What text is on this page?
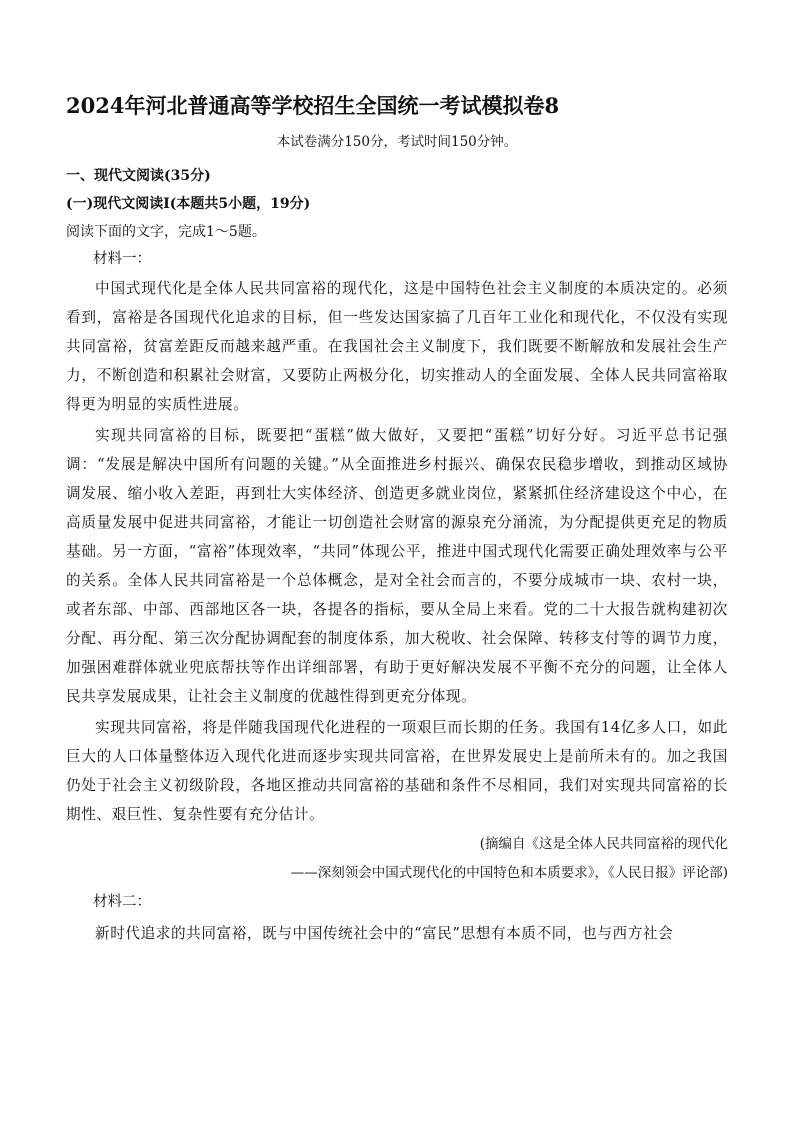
2024年河北普通高等学校招生全国统一考试模拟卷8
本试卷满分150分，考试时间150分钟。
一、现代文阅读(35分)
(一)现代文阅读Ⅰ(本题共5小题，19分)
阅读下面的文字，完成1～5题。
材料一：

中国式现代化是全体人民共同富裕的现代化，这是中国特色社会主义制度的本质决定的。必须看到，富裕是各国现代化追求的目标，但一些发达国家搞了几百年工业化和现代化，不仅没有实现共同富裕，贫富差距反而越来越严重。在我国社会主义制度下，我们既要不断解放和发展社会生产力，不断创造和积累社会财富，又要防止两极分化，切实推动人的全面发展、全体人民共同富裕取得更为明显的实质性进展。

实现共同富裕的目标，既要把“蛋糕”做大做好，又要把“蛋糕”切好分好。习近平总书记强调：“发展是解决中国所有问题的关键。”从全面推进乡村振兴、确保农民稳步增收，到推动区域协调发展、缩小收入差距，再到壮大实体经济、创造更多就业岗位，紧紧抓住经济建设这个中心，在高质量发展中促进共同富裕，才能让一切创造社会财富的源泉充分涌流，为分配提供更充足的物质基础。另一方面，“富裕”体现效率，“共同”体现公平，推进中国式现代化需要正确处理效率与公平的关系。全体人民共同富裕是一个总体概念，是对全社会而言的，不要分成城市一块、农村一块，或者东部、中部、西部地区各一块，各提各的指标，要从全局上来看。党的二十大报告就构建初次分配、再分配、第三次分配协调配套的制度体系，加大税收、社会保障、转移支付等的调节力度，加强困难群体就业兜底帮扶等作出详细部署，有助于更好解决发展不平衡不充分的问题，让全体人民共享发展成果，让社会主义制度的优越性得到更充分体现。

实现共同富裕，将是伴随我国现代化进程的一项艰巨而长期的任务。我国有14亿多人口，如此巨大的人口体量整体迈入现代化进而逐步实现共同富裕，在世界发展史上是前所未有的。加之我国仍处于社会主义初级阶段，各地区推动共同富裕的基础和条件不尽相同，我们对实现共同富裕的长期性、艰巨性、复杂性要有充分估计。

(摘编自《这是全体人民共同富裕的现代化
——深刻领会中国式现代化的中国特色和本质要求》，《人民日报》评论部)
材料二：

新时代追求的共同富裕，既与中国传统社会中的“富民”思想有本质不同，也与西方社会
